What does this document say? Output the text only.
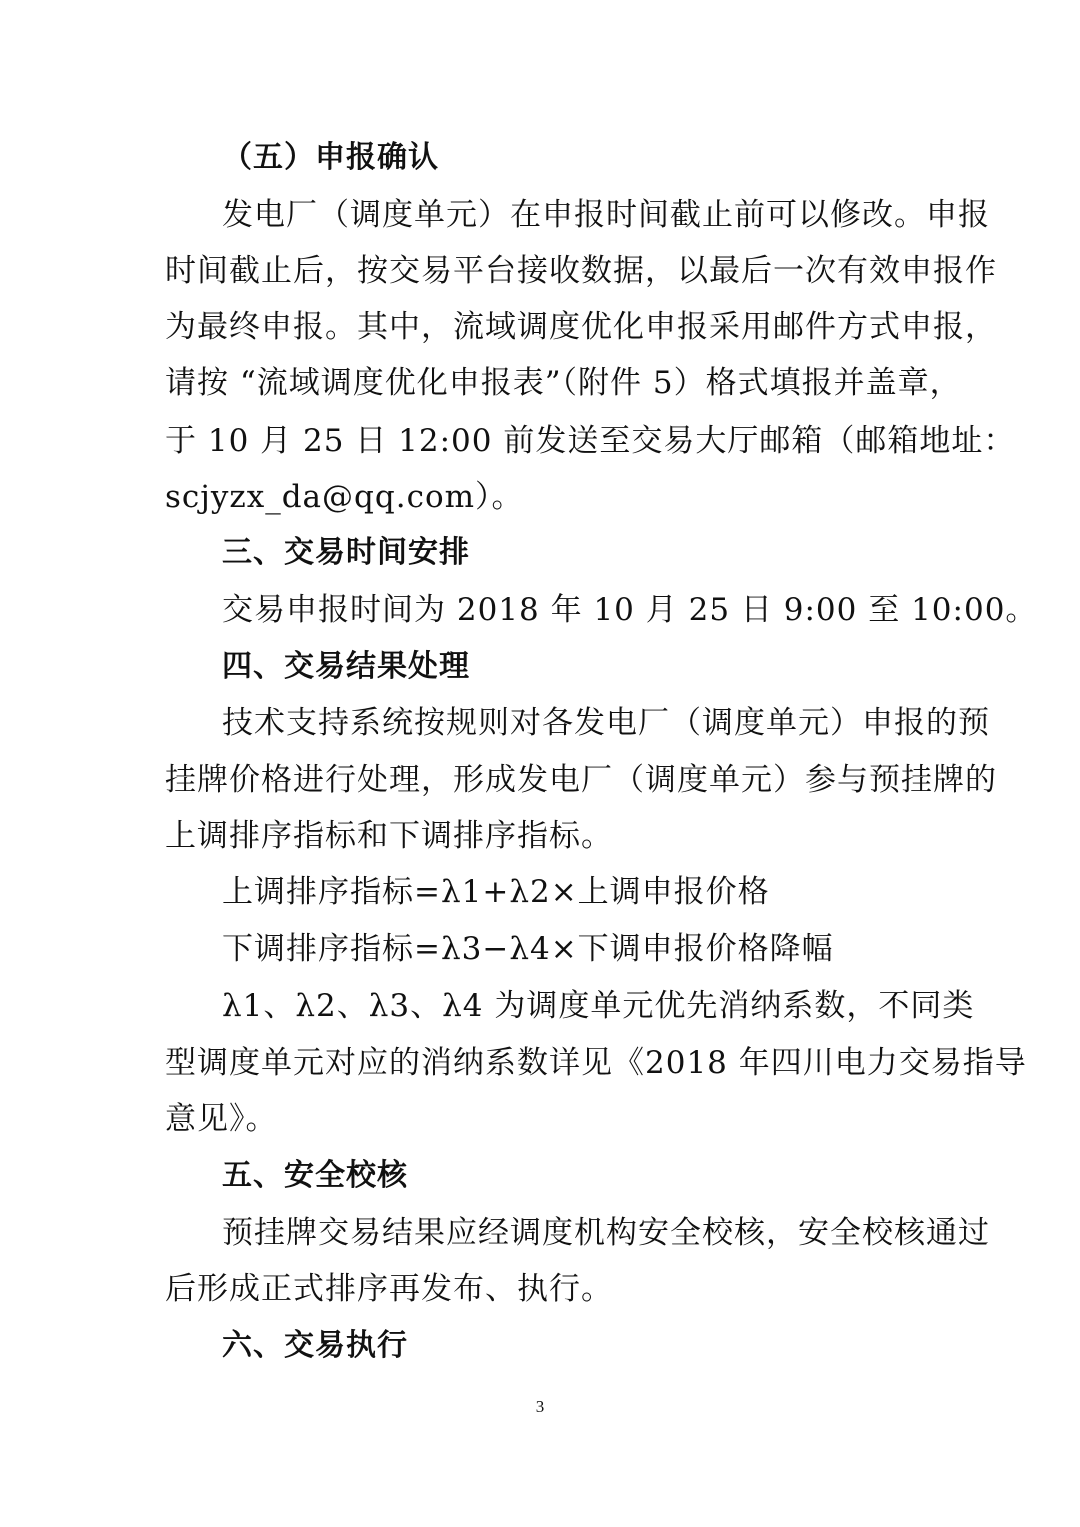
（五）申报确认
发电厂（调度单元）在申报时间截止前可以修改。申报
时间截止后，按交易平台接收数据，以最后一次有效申报作
为最终申报。其中，流域调度优化申报采用邮件方式申报，
请按 “流域调度优化申报表”（附件 5）格式填报并盖章，
于 10 月 25 日 12:00 前发送至交易大厅邮箱（邮箱地址：
scjyzx_da@qq.com）。
三、交易时间安排
交易申报时间为 2018 年 10 月 25 日 9:00 至 10:00。
四、交易结果处理
技术支持系统按规则对各发电厂（调度单元）申报的预
挂牌价格进行处理，形成发电厂（调度单元）参与预挂牌的
上调排序指标和下调排序指标。
上调排序指标=λ1+λ2×上调申报价格
下调排序指标=λ3−λ4×下调申报价格降幅
λ1、λ2、λ3、λ4 为调度单元优先消纳系数，不同类
型调度单元对应的消纳系数详见《2018 年四川电力交易指导
意见》。
五、安全校核
预挂牌交易结果应经调度机构安全校核，安全校核通过
后形成正式排序再发布、执行。
六、交易执行
3
